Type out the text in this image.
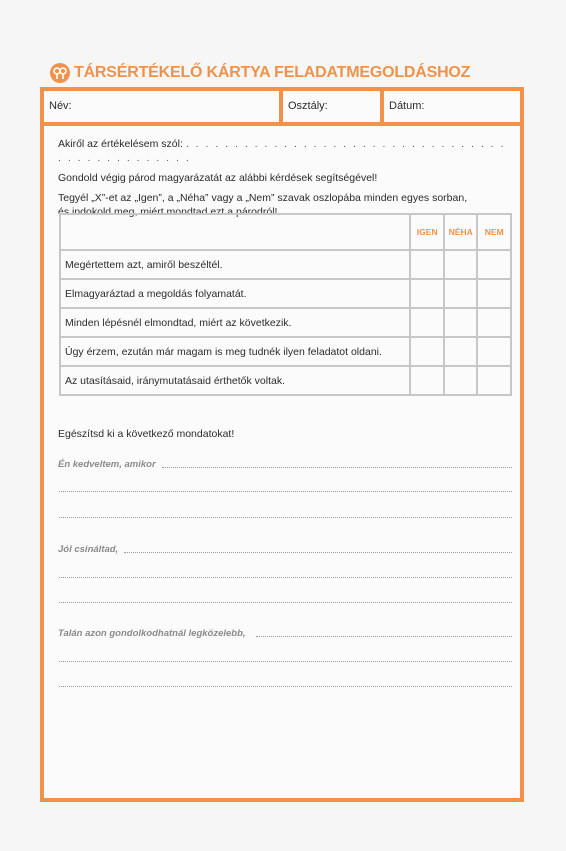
TÁRSÉRTÉKELŐ KÁRTYA FELADATMEGOLDÁSHOZ
Név:	Osztály:	Dátum:

Akiről az értékelésem szól: . . . . . . . . . . . . . . . . . . . . . . . . . . . . . . . . . . . . . . . . . . . . . . .

Gondold végig párod magyarázatát az alábbi kérdések segítségével!

Tegyél „X”-et az „Igen”, a „Néha” vagy a „Nem” szavak oszlopába minden egyes sorban,

és indokold meg, miért mondtad ezt a párodról!

	IGEN	NÉHA	NEM
Megértettem azt, amiről beszéltél.			
Elmagyaráztad a megoldás folyamatát.			
Minden lépésnél elmondtad, miért az következik.			
Úgy érzem, ezután már magam is meg tudnék ilyen feladatot oldani.			
Az utasításaid, iránymutatásaid érthetők voltak.			
Egészítsd ki a következő mondatokat!
Én kedveltem, amikor
Jól csináltad,
Talán azon gondolkodhatnál legközelebb,
